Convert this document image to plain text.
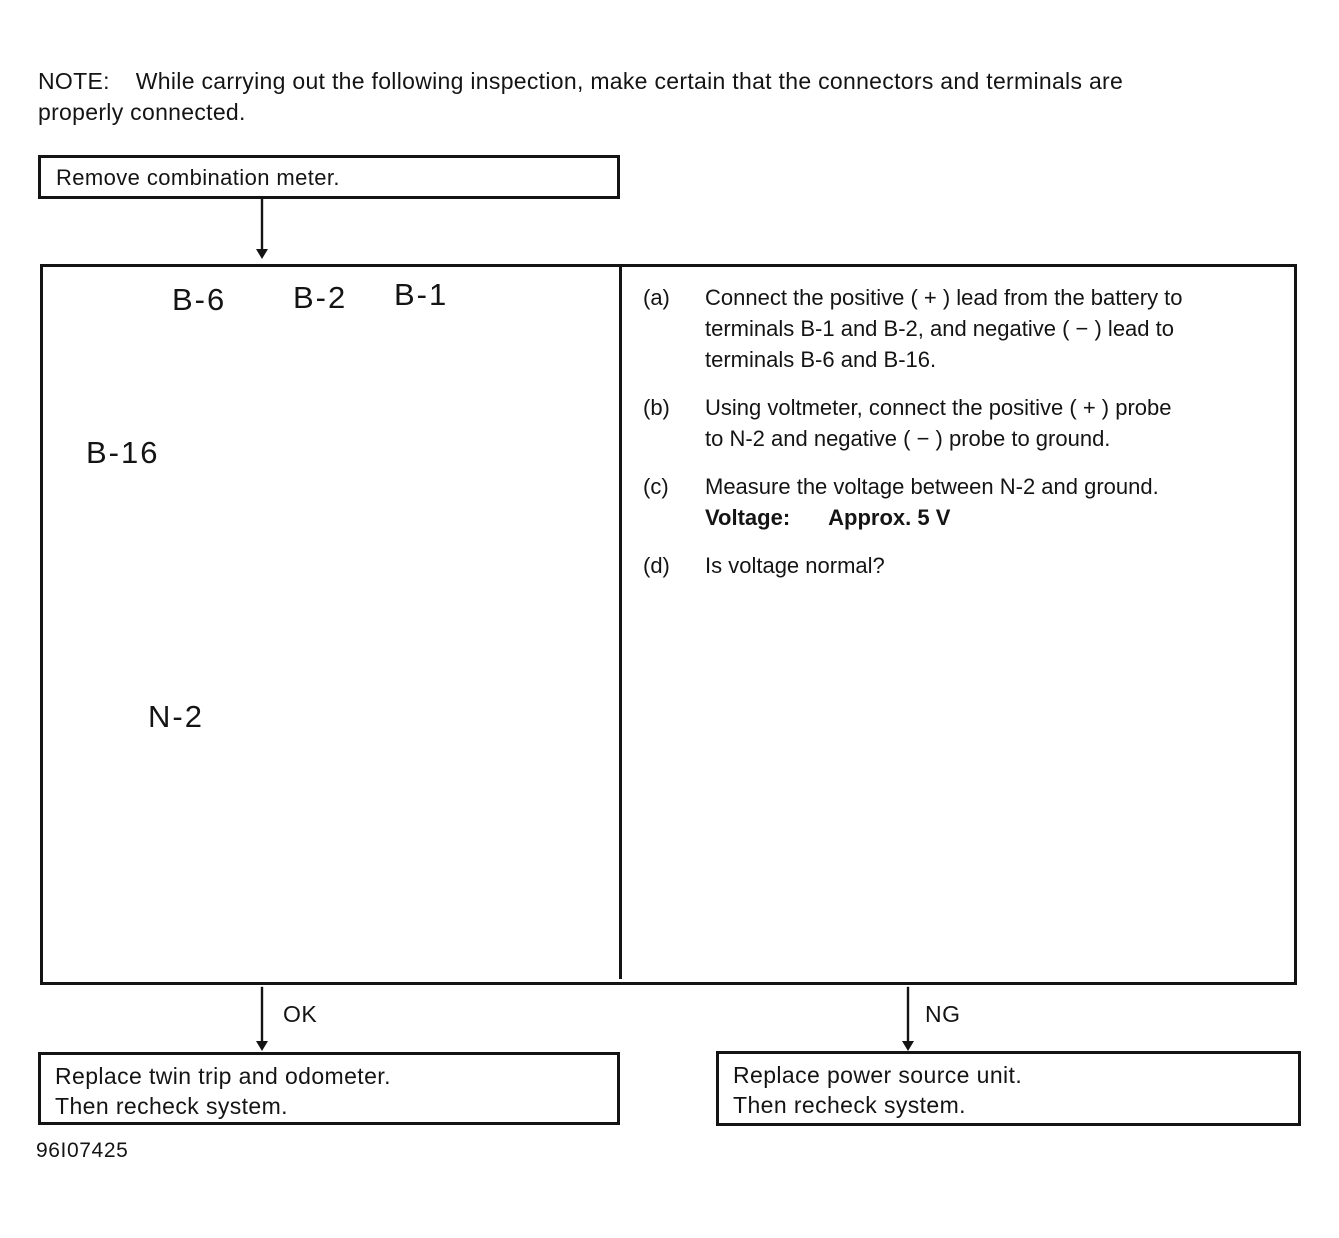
NOTE: While carrying out the following inspection, make certain that the connectors and terminals are
properly connected.
Remove combination meter.
B-6 B-2 B-1
B-16
N-2
(a)	Connect the positive ( + ) lead from the battery to
terminals B-1 and B-2, and negative ( − ) lead to
terminals B-6 and B-16.
(b)	Using voltmeter, connect the positive ( + ) probe
to N-2 and negative ( − ) probe to ground.
(c)	Measure the voltage between N-2 and ground.
Voltage: Approx. 5 V
(d)	Is voltage normal?
OK	NG
Replace twin trip and odometer.
Then recheck system.
Replace power source unit.
Then recheck system.
96I07425
